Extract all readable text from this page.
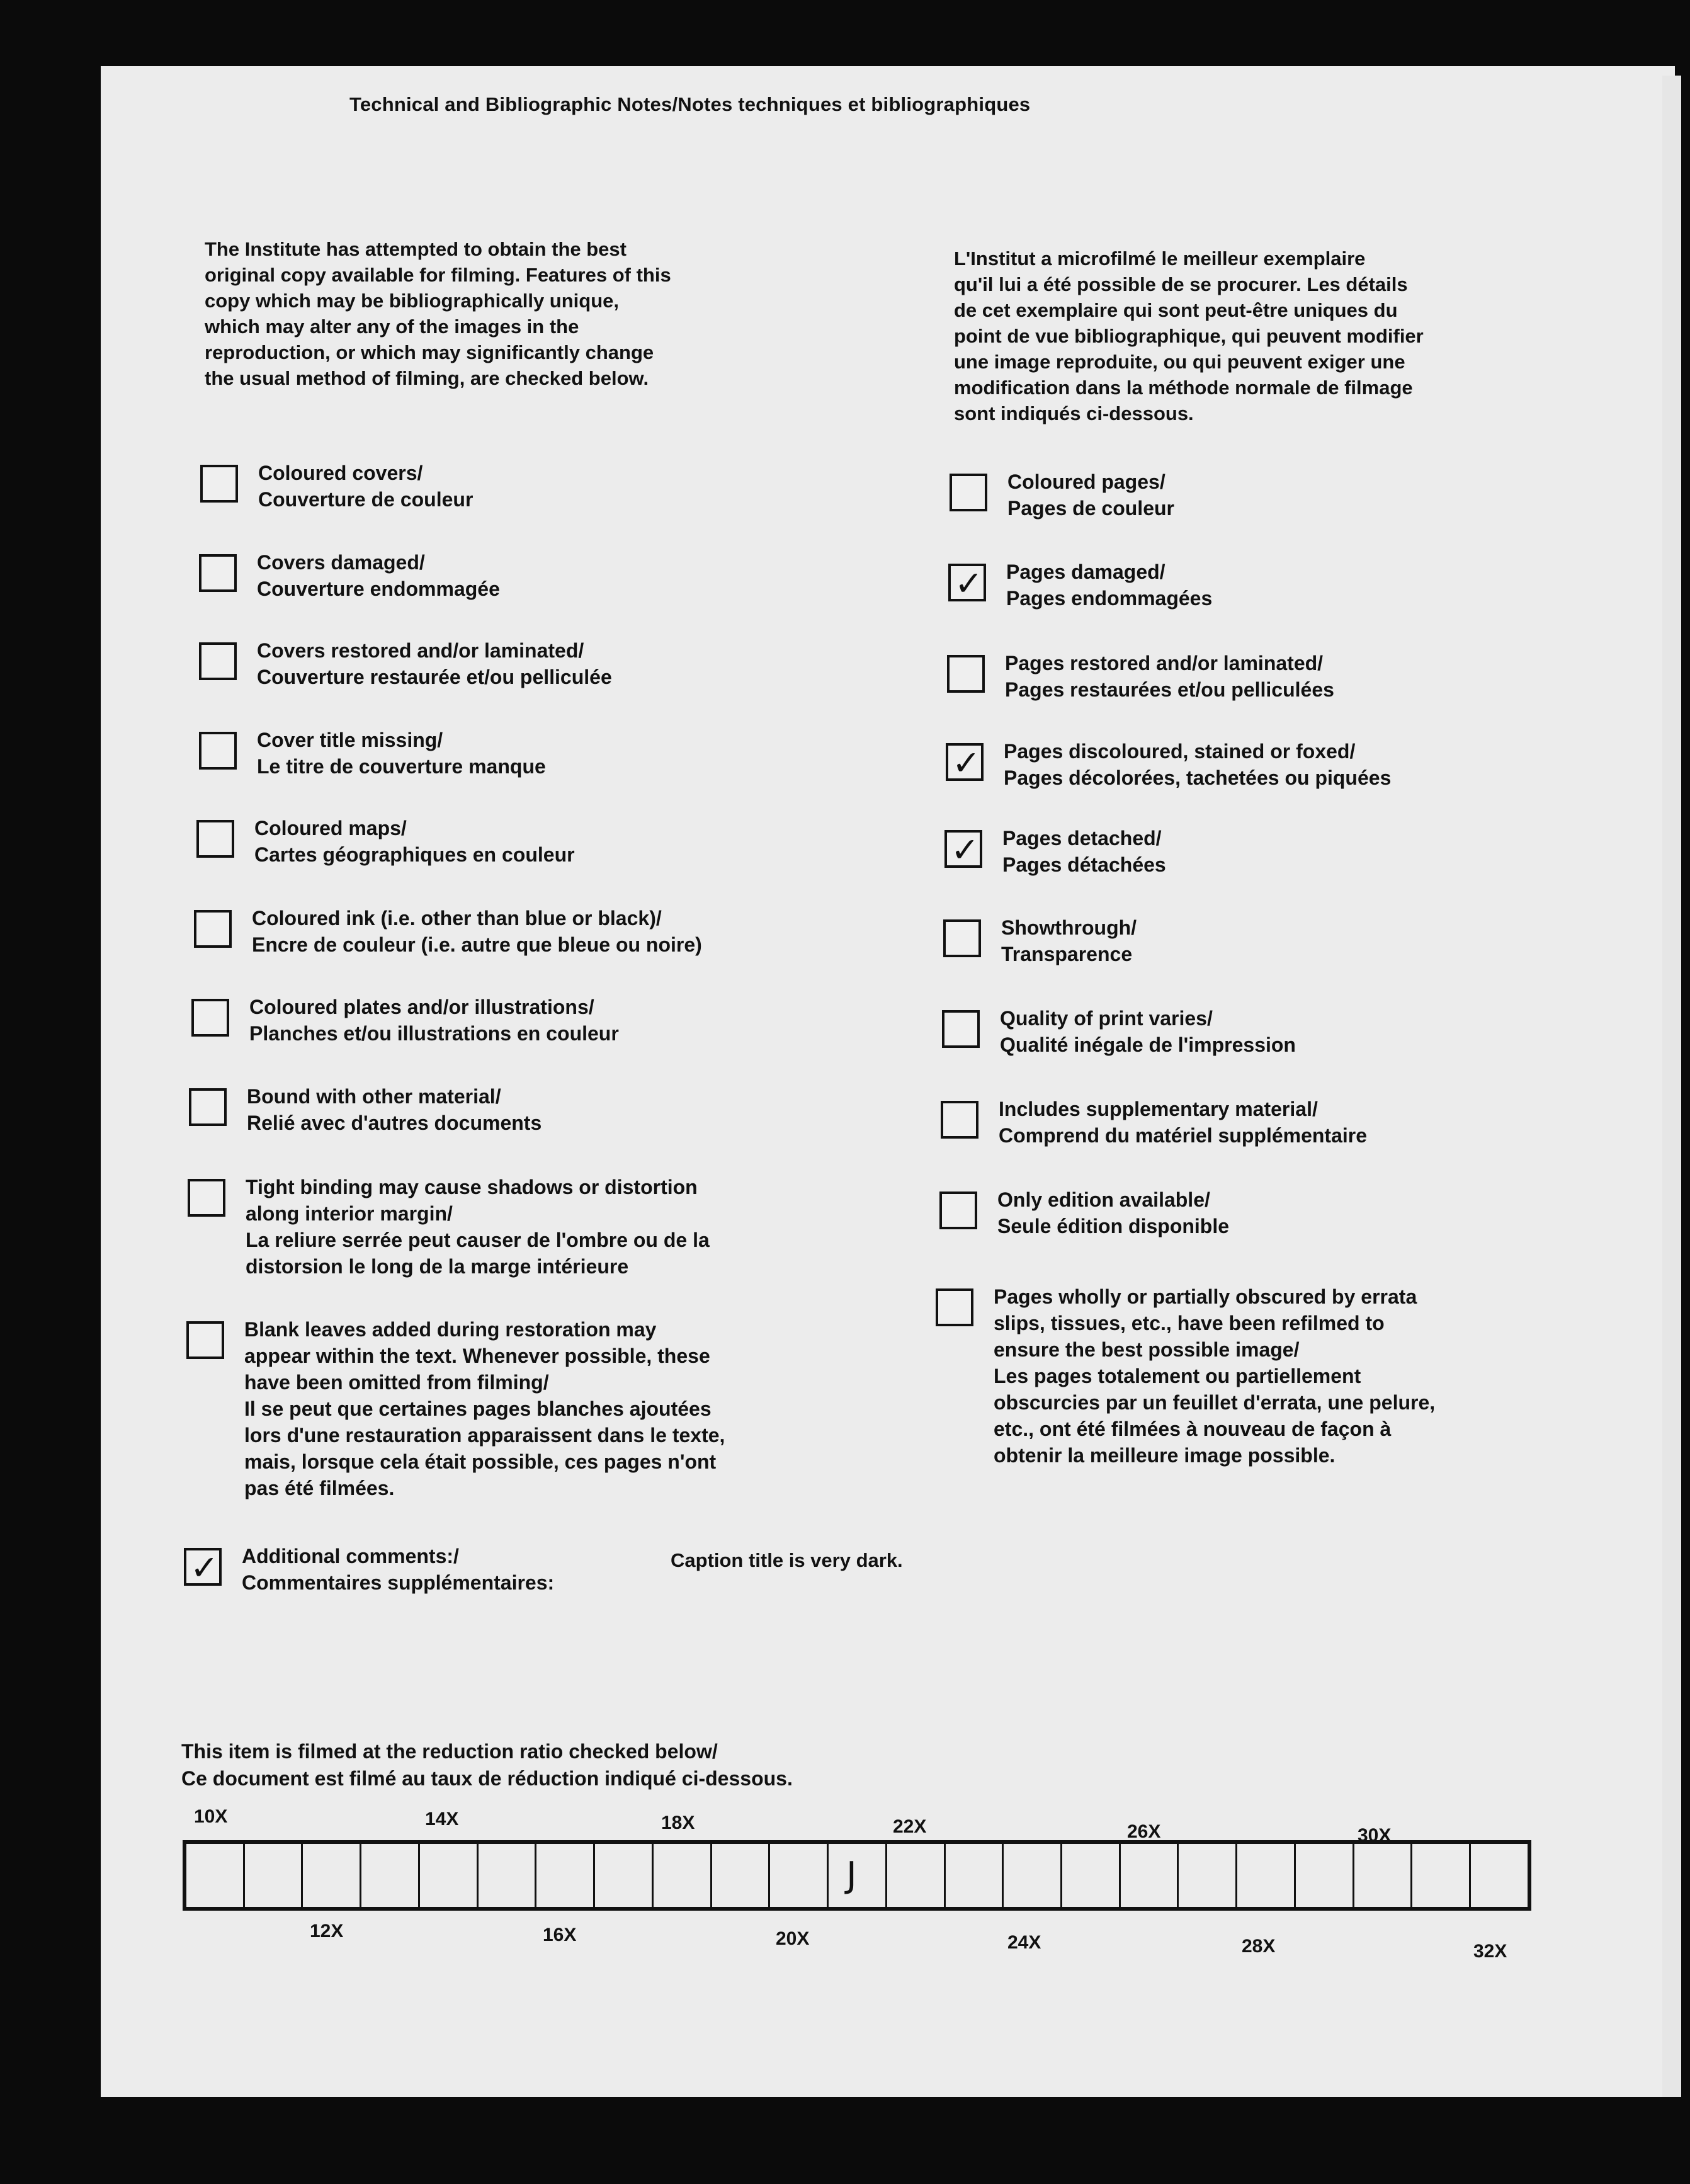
Technical and Bibliographic Notes/Notes techniques et bibliographiques
The Institute has attempted to obtain the best
original copy available for filming. Features of this
copy which may be bibliographically unique,
which may alter any of the images in the
reproduction, or which may significantly change
the usual method of filming, are checked below.
L'Institut a microfilmé le meilleur exemplaire
qu'il lui a été possible de se procurer. Les détails
de cet exemplaire qui sont peut-être uniques du
point de vue bibliographique, qui peuvent modifier
une image reproduite, ou qui peuvent exiger une
modification dans la méthode normale de filmage
sont indiqués ci-dessous.
Coloured covers/
Couverture de couleur
Covers damaged/
Couverture endommagée
Covers restored and/or laminated/
Couverture restaurée et/ou pelliculée
Cover title missing/
Le titre de couverture manque
Coloured maps/
Cartes géographiques en couleur
Coloured ink (i.e. other than blue or black)/
Encre de couleur (i.e. autre que bleue ou noire)
Coloured plates and/or illustrations/
Planches et/ou illustrations en couleur
Bound with other material/
Relié avec d'autres documents
Tight binding may cause shadows or distortion
along interior margin/
La reliure serrée peut causer de l'ombre ou de la
distorsion le long de la marge intérieure
Blank leaves added during restoration may
appear within the text. Whenever possible, these
have been omitted from filming/
Il se peut que certaines pages blanches ajoutées
lors d'une restauration apparaissent dans le texte,
mais, lorsque cela était possible, ces pages n'ont
pas été filmées.
✓ Additional comments:/
Commentaires supplémentaires:
Caption title is very dark.
Coloured pages/
Pages de couleur
✓ Pages damaged/
Pages endommagées
Pages restored and/or laminated/
Pages restaurées et/ou pelliculées
✓ Pages discoloured, stained or foxed/
Pages décolorées, tachetées ou piquées
✓ Pages detached/
Pages détachées
Showthrough/
Transparence
Quality of print varies/
Qualité inégale de l'impression
Includes supplementary material/
Comprend du matériel supplémentaire
Only edition available/
Seule édition disponible
Pages wholly or partially obscured by errata
slips, tissues, etc., have been refilmed to
ensure the best possible image/
Les pages totalement ou partiellement
obscurcies par un feuillet d'errata, une pelure,
etc., ont été filmées à nouveau de façon à
obtenir la meilleure image possible.
This item is filmed at the reduction ratio checked below/
Ce document est filmé au taux de réduction indiqué ci-dessous.
10X	14X	18X	22X	26X	30X
J
12X	16X	20X	24X	28X	32X
